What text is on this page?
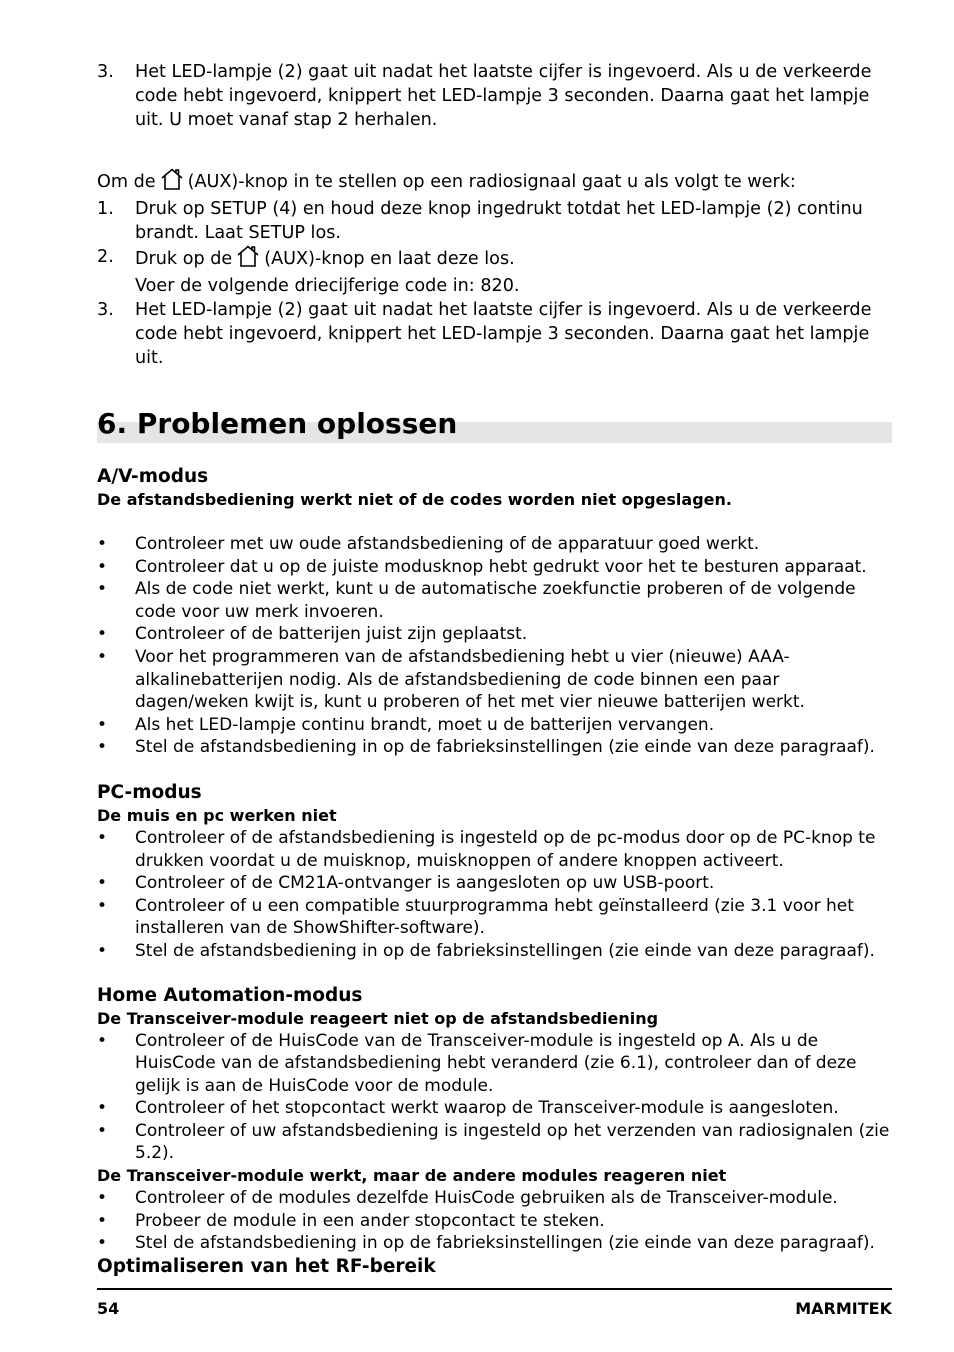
3.	Het LED-lampje (2) gaat uit nadat het laatste cijfer is ingevoerd. Als u de verkeerde code hebt ingevoerd, knippert het LED-lampje 3 seconden. Daarna gaat het lampje uit. U moet vanaf stap 2 herhalen.
Om de (AUX)-knop in te stellen op een radiosignaal gaat u als volgt te werk:
1.	Druk op SETUP (4) en houd deze knop ingedrukt totdat het LED-lampje (2) continu brandt. Laat SETUP los.
2.	Druk op de (AUX)-knop en laat deze los.
Voer de volgende driecijferige code in: 820.
3.	Het LED-lampje (2) gaat uit nadat het laatste cijfer is ingevoerd. Als u de verkeerde code hebt ingevoerd, knippert het LED-lampje 3 seconden. Daarna gaat het lampje uit.
6. Problemen oplossen
A/V-modus
De afstandsbediening werkt niet of de codes worden niet opgeslagen.
•	Controleer met uw oude afstandsbediening of de apparatuur goed werkt.
•	Controleer dat u op de juiste modusknop hebt gedrukt voor het te besturen apparaat.
•	Als de code niet werkt, kunt u de automatische zoekfunctie proberen of de volgende code voor uw merk invoeren.
•	Controleer of de batterijen juist zijn geplaatst.
•	Voor het programmeren van de afstandsbediening hebt u vier (nieuwe) AAA-alkalinebatterijen nodig. Als de afstandsbediening de code binnen een paar dagen/weken kwijt is, kunt u proberen of het met vier nieuwe batterijen werkt.
•	Als het LED-lampje continu brandt, moet u de batterijen vervangen.
•	Stel de afstandsbediening in op de fabrieksinstellingen (zie einde van deze paragraaf).
PC-modus
De muis en pc werken niet
•	Controleer of de afstandsbediening is ingesteld op de pc-modus door op de PC-knop te drukken voordat u de muisknop, muisknoppen of andere knoppen activeert.
•	Controleer of de CM21A-ontvanger is aangesloten op uw USB-poort.
•	Controleer of u een compatible stuurprogramma hebt geïnstalleerd (zie 3.1 voor het installeren van de ShowShifter-software).
•	Stel de afstandsbediening in op de fabrieksinstellingen (zie einde van deze paragraaf).
Home Automation-modus
De Transceiver-module reageert niet op de afstandsbediening
•	Controleer of de HuisCode van de Transceiver-module is ingesteld op A. Als u de HuisCode van de afstandsbediening hebt veranderd (zie 6.1), controleer dan of deze gelijk is aan de HuisCode voor de module.
•	Controleer of het stopcontact werkt waarop de Transceiver-module is aangesloten.
•	Controleer of uw afstandsbediening is ingesteld op het verzenden van radiosignalen (zie 5.2).
De Transceiver-module werkt, maar de andere modules reageren niet
•	Controleer of de modules dezelfde HuisCode gebruiken als de Transceiver-module.
•	Probeer de module in een ander stopcontact te steken.
•	Stel de afstandsbediening in op de fabrieksinstellingen (zie einde van deze paragraaf).
Optimaliseren van het RF-bereik
54	MARMITEK
